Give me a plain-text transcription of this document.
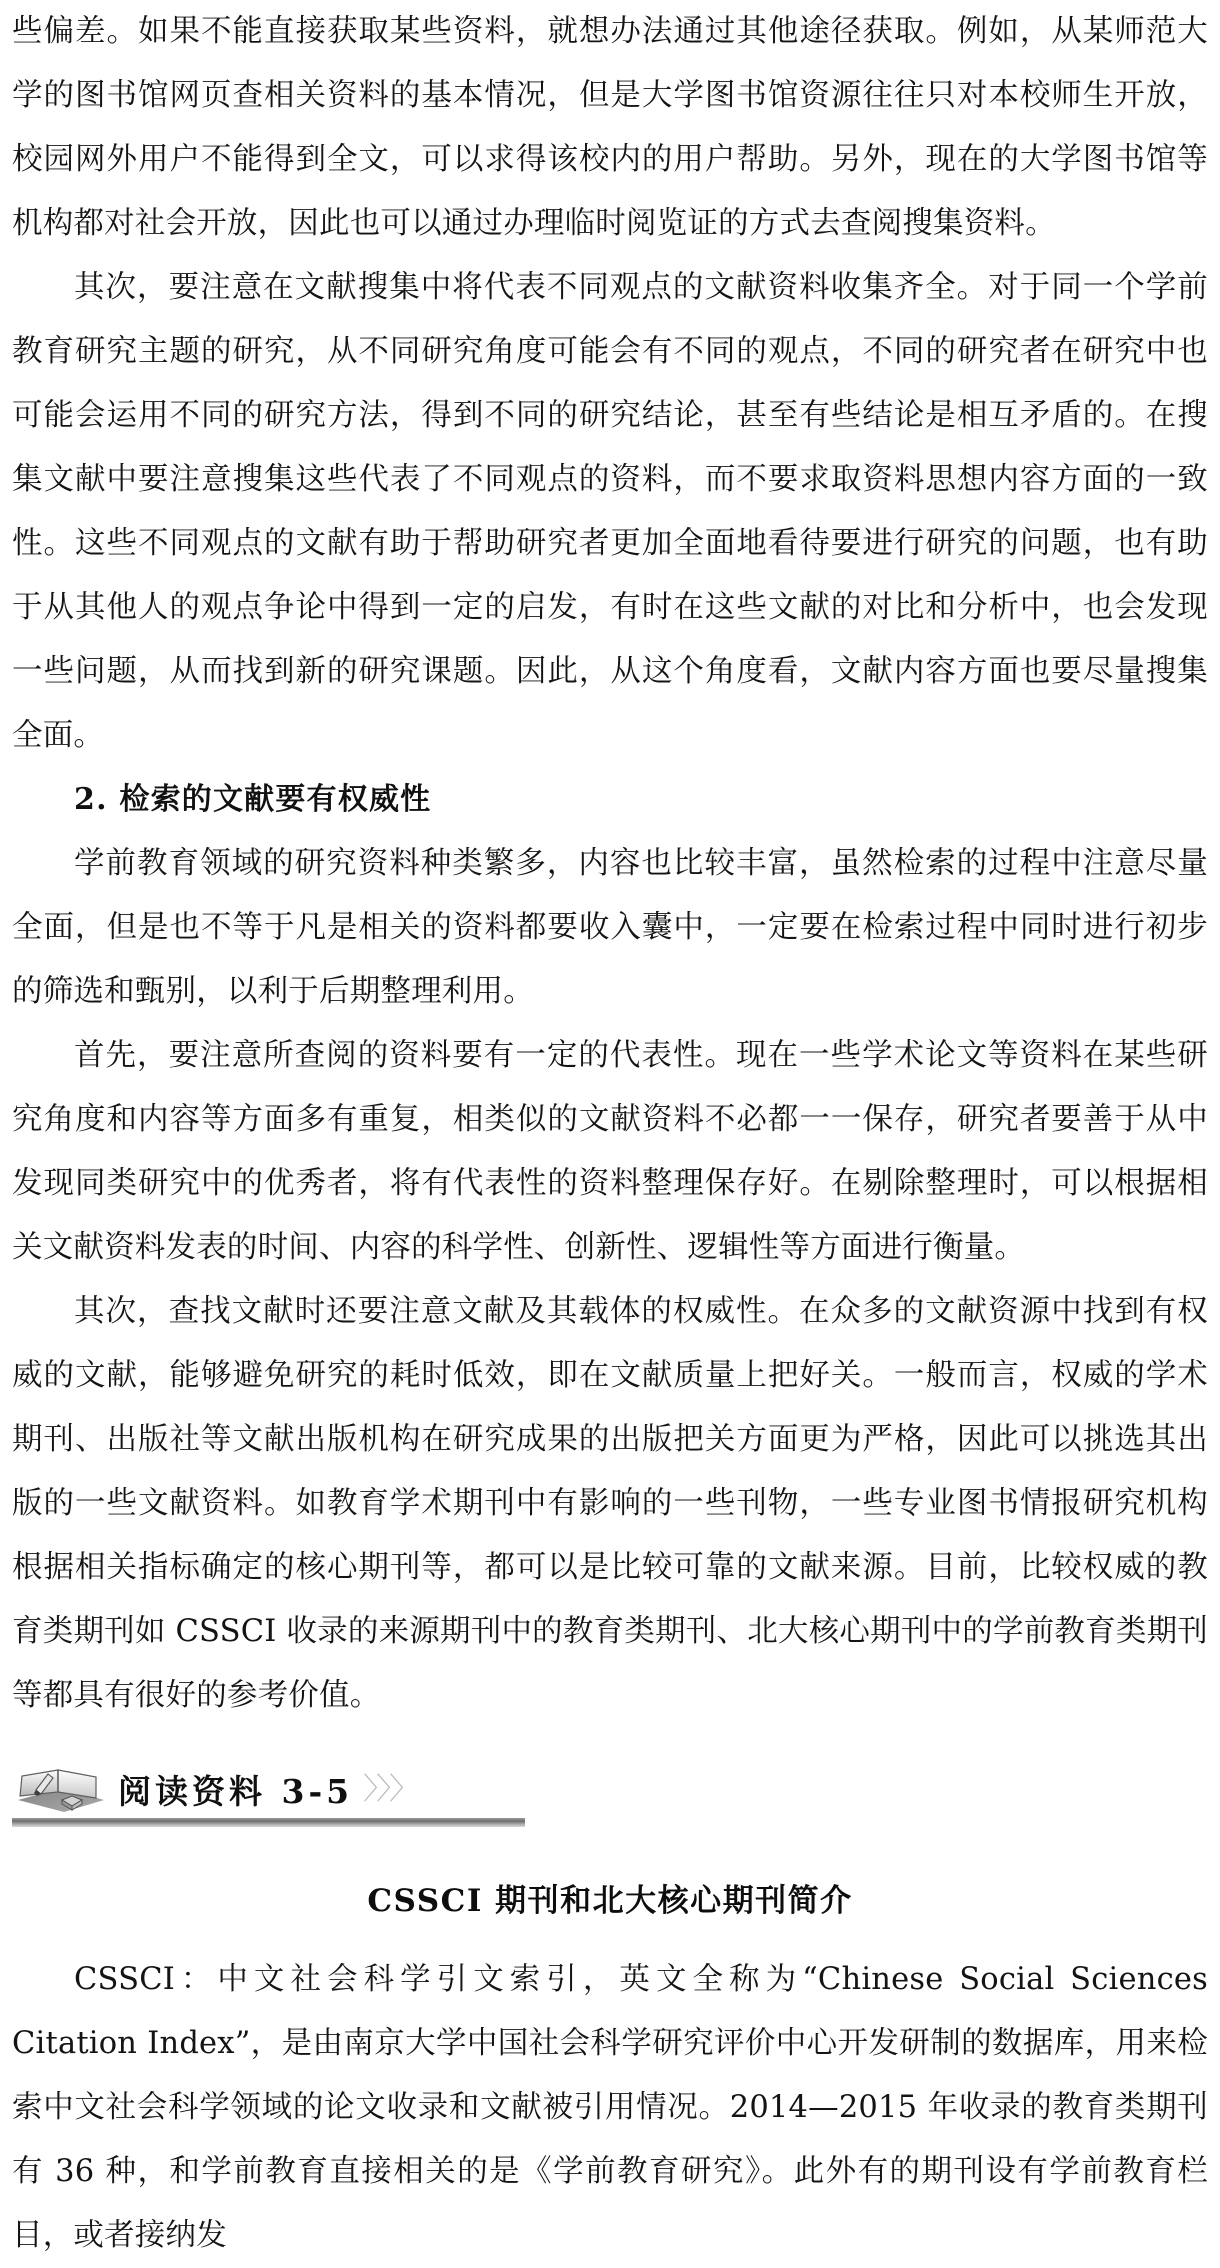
些偏差。如果不能直接获取某些资料，就想办法通过其他途径获取。例如，从某师范大学的图书馆网页查相关资料的基本情况，但是大学图书馆资源往往只对本校师生开放，校园网外用户不能得到全文，可以求得该校内的用户帮助。另外，现在的大学图书馆等机构都对社会开放，因此也可以通过办理临时阅览证的方式去查阅搜集资料。

其次，要注意在文献搜集中将代表不同观点的文献资料收集齐全。对于同一个学前教育研究主题的研究，从不同研究角度可能会有不同的观点，不同的研究者在研究中也可能会运用不同的研究方法，得到不同的研究结论，甚至有些结论是相互矛盾的。在搜集文献中要注意搜集这些代表了不同观点的资料，而不要求取资料思想内容方面的一致性。这些不同观点的文献有助于帮助研究者更加全面地看待要进行研究的问题，也有助于从其他人的观点争论中得到一定的启发，有时在这些文献的对比和分析中，也会发现一些问题，从而找到新的研究课题。因此，从这个角度看，文献内容方面也要尽量搜集全面。

2. 检索的文献要有权威性

学前教育领域的研究资料种类繁多，内容也比较丰富，虽然检索的过程中注意尽量全面，但是也不等于凡是相关的资料都要收入囊中，一定要在检索过程中同时进行初步的筛选和甄别，以利于后期整理利用。

首先，要注意所查阅的资料要有一定的代表性。现在一些学术论文等资料在某些研究角度和内容等方面多有重复，相类似的文献资料不必都一一保存，研究者要善于从中发现同类研究中的优秀者，将有代表性的资料整理保存好。在剔除整理时，可以根据相关文献资料发表的时间、内容的科学性、创新性、逻辑性等方面进行衡量。

其次，查找文献时还要注意文献及其载体的权威性。在众多的文献资源中找到有权威的文献，能够避免研究的耗时低效，即在文献质量上把好关。一般而言，权威的学术期刊、出版社等文献出版机构在研究成果的出版把关方面更为严格，因此可以挑选其出版的一些文献资料。如教育学术期刊中有影响的一些刊物，一些专业图书情报研究机构根据相关指标确定的核心期刊等，都可以是比较可靠的文献来源。目前，比较权威的教育类期刊如 CSSCI 收录的来源期刊中的教育类期刊、北大核心期刊中的学前教育类期刊等都具有很好的参考价值。

阅读资料 3-5 〉〉〉
CSSCI 期刊和北大核心期刊简介

CSSCI：中文社会科学引文索引，英文全称为“Chinese Social Sciences Citation Index”，是由南京大学中国社会科学研究评价中心开发研制的数据库，用来检索中文社会科学领域的论文收录和文献被引用情况。2014—2015 年收录的教育类期刊有 36 种，和学前教育直接相关的是《学前教育研究》。此外有的期刊设有学前教育栏目，或者接纳发
